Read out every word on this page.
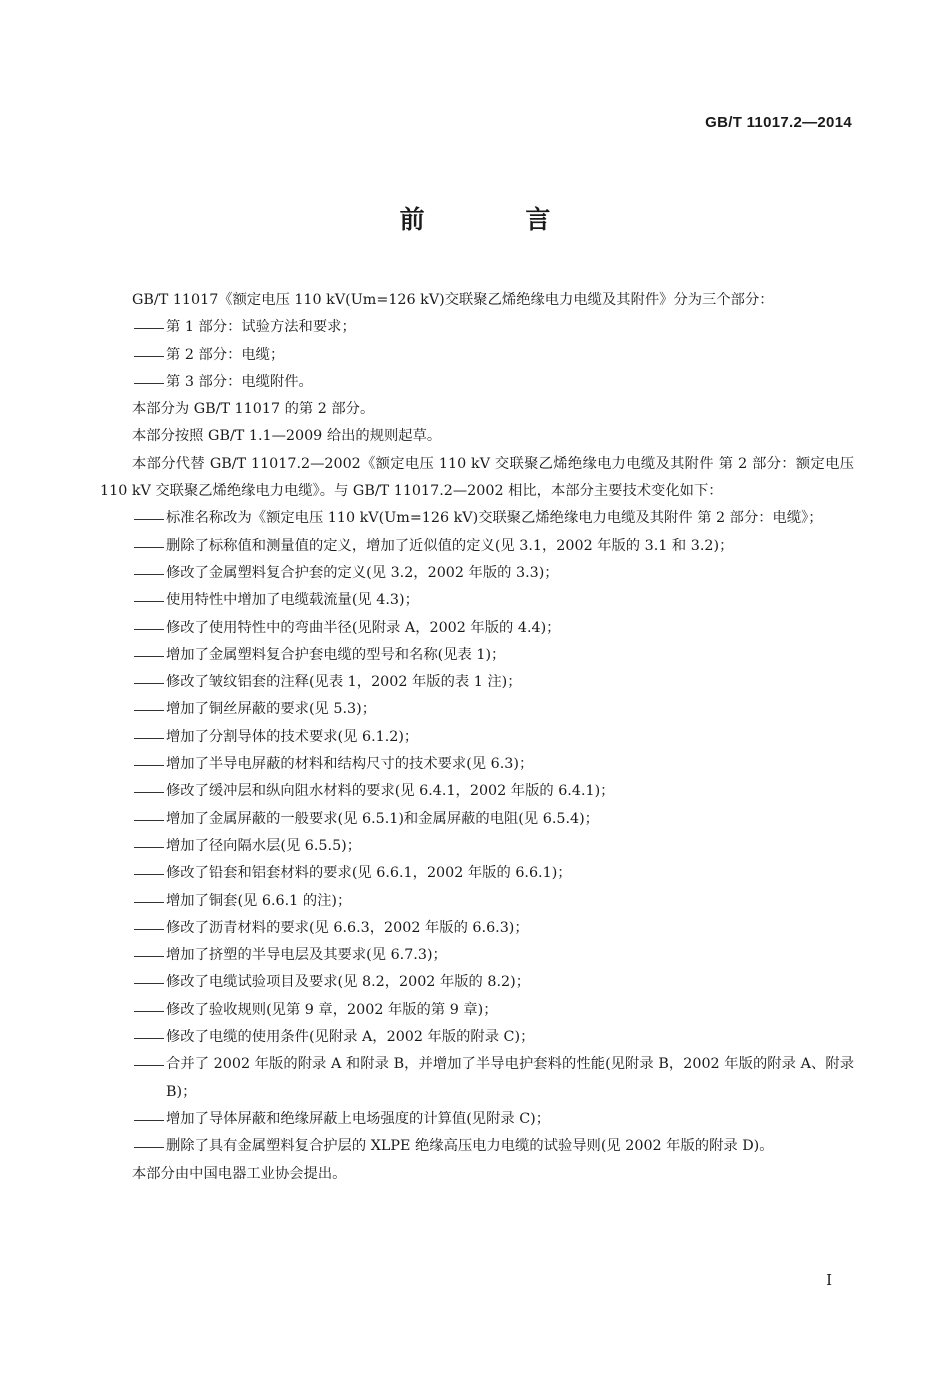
GB/T 11017.2—2014
前 言

GB/T 11017《额定电压 110 kV(Um=126 kV)交联聚乙烯绝缘电力电缆及其附件》分为三个部分：

第 1 部分：试验方法和要求；

第 2 部分：电缆；

第 3 部分：电缆附件。

本部分为 GB/T 11017 的第 2 部分。

本部分按照 GB/T 1.1—2009 给出的规则起草。

本部分代替 GB/T 11017.2—2002《额定电压 110 kV 交联聚乙烯绝缘电力电缆及其附件 第 2 部分：额定电压 110 kV 交联聚乙烯绝缘电力电缆》。与 GB/T 11017.2—2002 相比，本部分主要技术变化如下：

标准名称改为《额定电压 110 kV(Um=126 kV)交联聚乙烯绝缘电力电缆及其附件 第 2 部分：电缆》；

删除了标称值和测量值的定义，增加了近似值的定义(见 3.1，2002 年版的 3.1 和 3.2)；

修改了金属塑料复合护套的定义(见 3.2，2002 年版的 3.3)；

使用特性中增加了电缆载流量(见 4.3)；

修改了使用特性中的弯曲半径(见附录 A，2002 年版的 4.4)；

增加了金属塑料复合护套电缆的型号和名称(见表 1)；

修改了皱纹铝套的注释(见表 1，2002 年版的表 1 注)；

增加了铜丝屏蔽的要求(见 5.3)；

增加了分割导体的技术要求(见 6.1.2)；

增加了半导电屏蔽的材料和结构尺寸的技术要求(见 6.3)；

修改了缓冲层和纵向阻水材料的要求(见 6.4.1，2002 年版的 6.4.1)；

增加了金属屏蔽的一般要求(见 6.5.1)和金属屏蔽的电阻(见 6.5.4)；

增加了径向隔水层(见 6.5.5)；

修改了铅套和铝套材料的要求(见 6.6.1，2002 年版的 6.6.1)；

增加了铜套(见 6.6.1 的注)；

修改了沥青材料的要求(见 6.6.3，2002 年版的 6.6.3)；

增加了挤塑的半导电层及其要求(见 6.7.3)；

修改了电缆试验项目及要求(见 8.2，2002 年版的 8.2)；

修改了验收规则(见第 9 章，2002 年版的第 9 章)；

修改了电缆的使用条件(见附录 A，2002 年版的附录 C)；

合并了 2002 年版的附录 A 和附录 B，并增加了半导电护套料的性能(见附录 B，2002 年版的附录 A、附录 B)；

增加了导体屏蔽和绝缘屏蔽上电场强度的计算值(见附录 C)；

删除了具有金属塑料复合护层的 XLPE 绝缘高压电力电缆的试验导则(见 2002 年版的附录 D)。

本部分由中国电器工业协会提出。

I
